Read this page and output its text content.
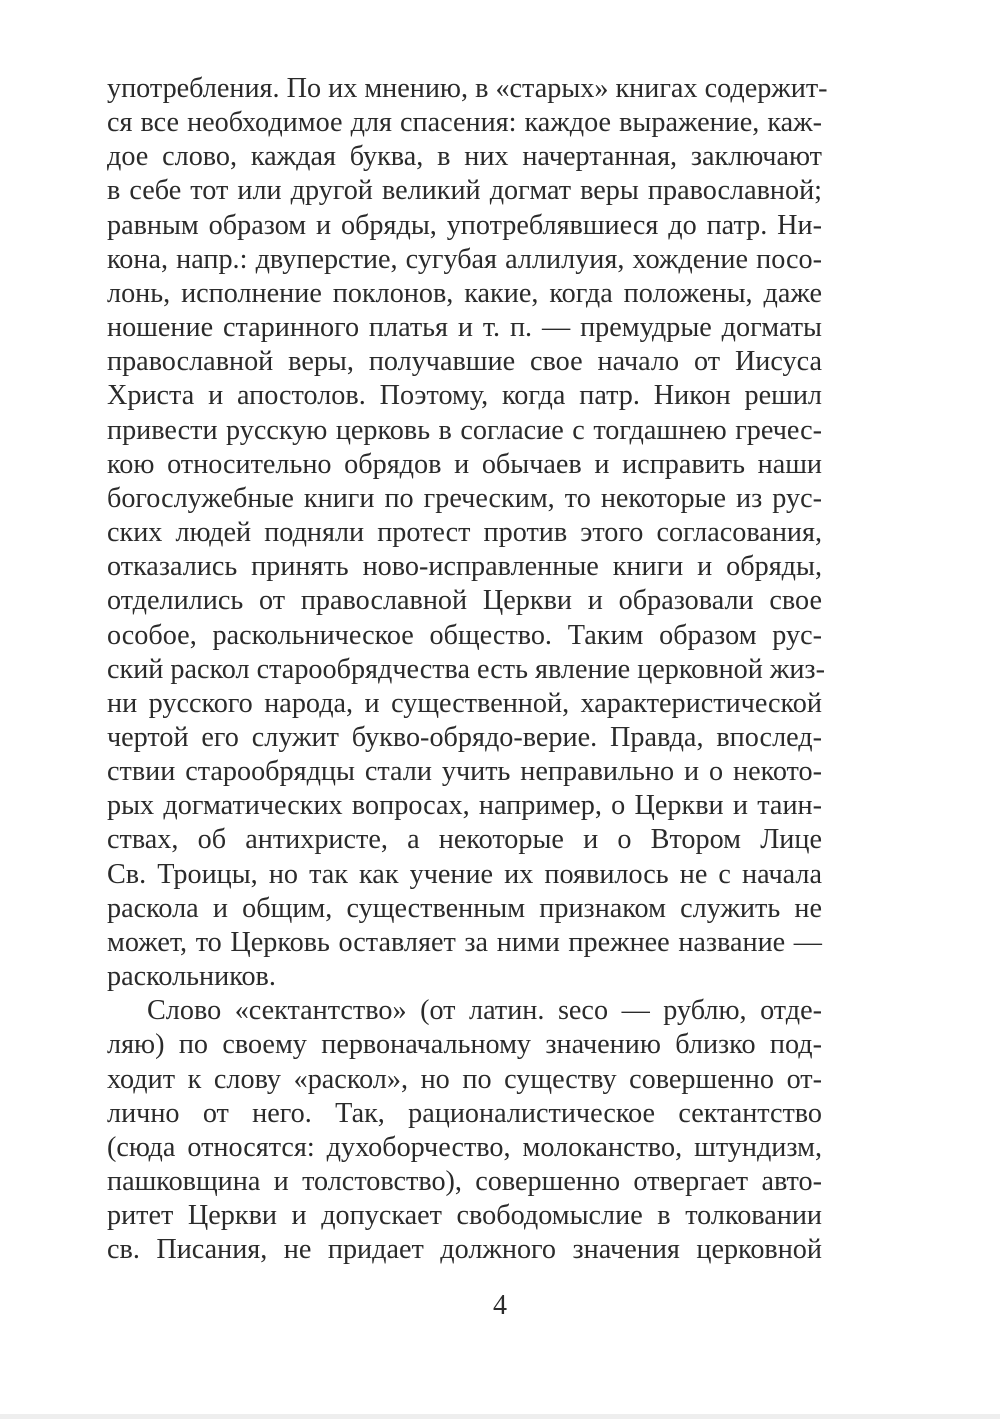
употребления. По их мнению, в «старых» книгах содержит-
ся все необходимое для спасения: каждое выражение, каж-
дое слово, каждая буква, в них начертанная, заключают
в себе тот или другой великий догмат веры православной;
равным образом и обряды, употреблявшиеся до патр. Ни-
кона, напр.: двуперстие, сугубая аллилуия, хождение посо-
лонь, исполнение поклонов, какие, когда положены, даже
ношение старинного платья и т. п. — премудрые догматы
православной веры, получавшие свое начало от Иисуса
Христа и апостолов. Поэтому, когда патр. Никон решил
привести русскую церковь в согласие с тогдашнею гречес-
кою относительно обрядов и обычаев и исправить наши
богослужебные книги по греческим, то некоторые из рус-
ских людей подняли протест против этого согласования,
отказались принять ново-исправленные книги и обряды,
отделились от православной Церкви и образовали свое
особое, раскольническое общество. Таким образом рус-
ский раскол старообрядчества есть явление церковной жиз-
ни русского народа, и существенной, характеристической
чертой его служит букво-обрядо-верие. Правда, впослед-
ствии старообрядцы стали учить неправильно и о некото-
рых догматических вопросах, например, о Церкви и таин-
ствах, об антихристе, а некоторые и о Втором Лице
Св. Троицы, но так как учение их появилось не с начала
раскола и общим, существенным признаком служить не
может, то Церковь оставляет за ними прежнее название —
раскольников.
Слово «сектантство» (от латин. seco — рублю, отде-
ляю) по своему первоначальному значению близко под-
ходит к слову «раскол», но по существу совершенно от-
лично от него. Так, рационалистическое сектантство
(сюда относятся: духоборчество, молоканство, штундизм,
пашковщина и толстовство), совершенно отвергает авто-
ритет Церкви и допускает свободомыслие в толковании
св. Писания, не придает должного значения церковной
4
